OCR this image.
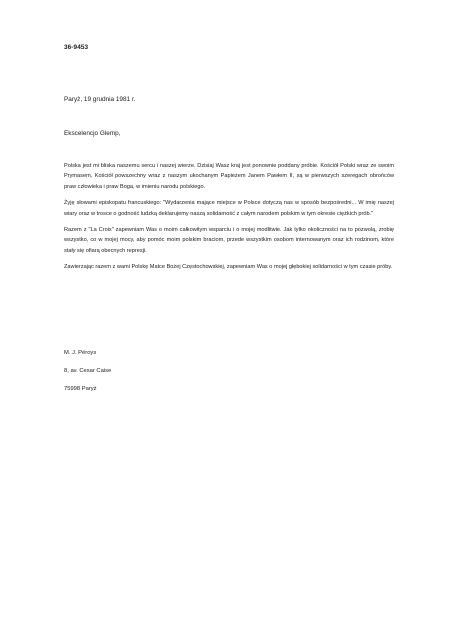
36-9453
Paryż, 19 grudnia 1981 r.
Ekscelencjo Glemp,

Polska jest mi bliska naszemu sercu i naszej wierze. Dzisiaj Wasz kraj jest ponownie poddany próbie. Kościół Polski wraz ze swoim Prymasem, Kościół powszechny wraz z naszym ukochanym Papieżem Janem Pawłem II, są w pierwszych szeregach obrońców praw człowieka i praw Boga, w imieniu narodu polskiego.

Żyję słowami episkopatu francuskiego: "Wydarzenia mające miejsce w Polsce dotyczą nas w sposób bezpośredni... W imię naszej wiary oraz w trosce o godność ludzką deklarujemy naszą solidarność z całym narodem polskim w tym okresie ciężkich prób."

Razem z "La Croix" zapewniam Was o moim całkowitym wsparciu i o mojej modlitwie. Jak tylko okoliczności na to pozwolą, zrobię wszystko, co w mojej mocy, aby pomóc moim polskim braciom, przede wszystkim osobom internowanym oraz ich rodzinom, które stały się ofiarą obecnych represji.

Zawierzając razem z wami Polskę Matce Bożej Częstochowskiej, zapewniam Was o mojej głębokiej solidarności w tym czasie próby.

M. J. Péroys
8, av. Cesar Caise
75998 Paryż
